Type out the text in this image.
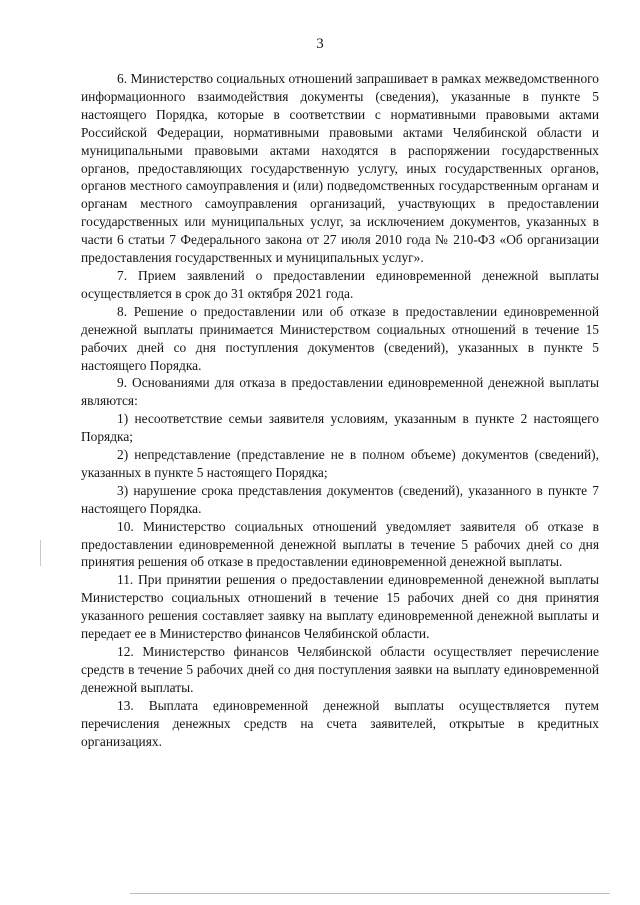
3

6. Министерство социальных отношений запрашивает в рамках межведомственного информационного взаимодействия документы (сведения), указанные в пункте 5 настоящего Порядка, которые в соответствии с нормативными правовыми актами Российской Федерации, нормативными правовыми актами Челябинской области и муниципальными правовыми актами находятся в распоряжении государственных органов, предоставляющих государственную услугу, иных государственных органов, органов местного самоуправления и (или) подведомственных государственным органам и органам местного самоуправления организаций, участвующих в предоставлении государственных или муниципальных услуг, за исключением документов, указанных в части 6 статьи 7 Федерального закона от 27 июля 2010 года № 210-ФЗ «Об организации предоставления государственных и муниципальных услуг».

7. Прием заявлений о предоставлении единовременной денежной выплаты осуществляется в срок до 31 октября 2021 года.

8. Решение о предоставлении или об отказе в предоставлении единовременной денежной выплаты принимается Министерством социальных отношений в течение 15 рабочих дней со дня поступления документов (сведений), указанных в пункте 5 настоящего Порядка.

9. Основаниями для отказа в предоставлении единовременной денежной выплаты являются:

1) несоответствие семьи заявителя условиям, указанным в пункте 2 настоящего Порядка;

2) непредставление (представление не в полном объеме) документов (сведений), указанных в пункте 5 настоящего Порядка;

3) нарушение срока представления документов (сведений), указанного в пункте 7 настоящего Порядка.

10. Министерство социальных отношений уведомляет заявителя об отказе в предоставлении единовременной денежной выплаты в течение 5 рабочих дней со дня принятия решения об отказе в предоставлении единовременной денежной выплаты.

11. При принятии решения о предоставлении единовременной денежной выплаты Министерство социальных отношений в течение 15 рабочих дней со дня принятия указанного решения составляет заявку на выплату единовременной денежной выплаты и передает ее в Министерство финансов Челябинской области.

12. Министерство финансов Челябинской области осуществляет перечисление средств в течение 5 рабочих дней со дня поступления заявки на выплату единовременной денежной выплаты.

13. Выплата единовременной денежной выплаты осуществляется путем перечисления денежных средств на счета заявителей, открытые в кредитных организациях.
